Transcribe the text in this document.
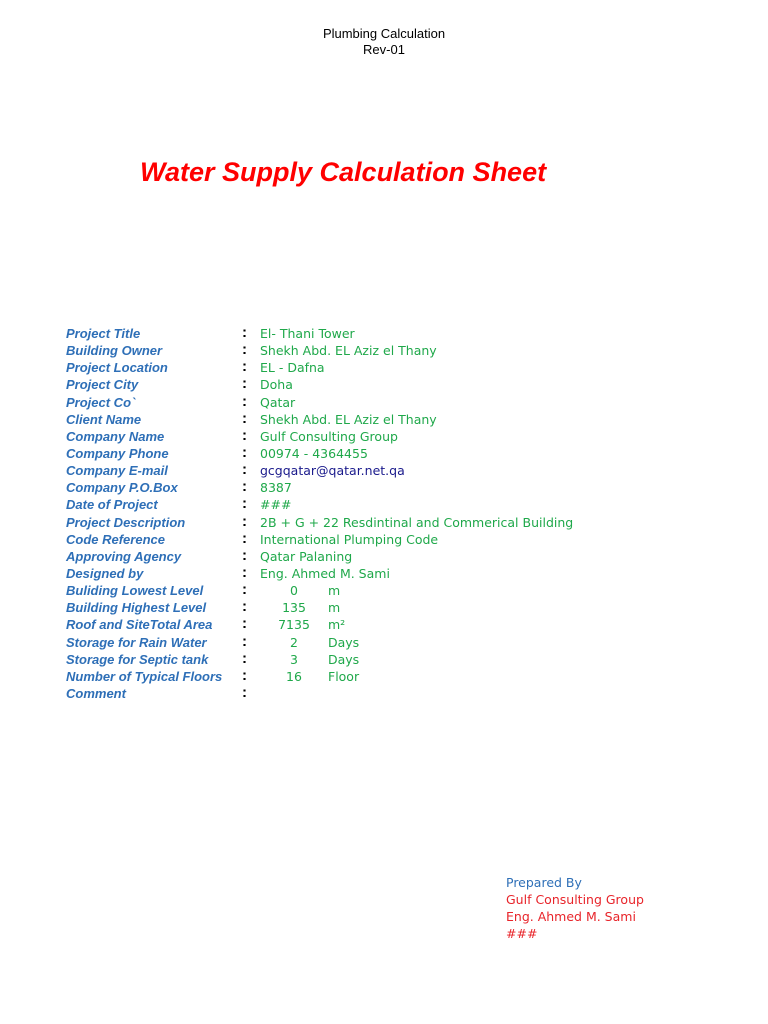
Plumbing Calculation
Rev-01
Water Supply Calculation Sheet
Project Title	: El- Thani Tower
Building Owner	: Shekh Abd. EL Aziz el Thany
Project Location	: EL - Dafna
Project City	: Doha
Project Co`	: Qatar
Client Name	: Shekh Abd. EL Aziz el Thany
Company Name	: Gulf Consulting Group
Company Phone	: 00974 - 4364455
Company E-mail	: gcgqatar@qatar.net.qa
Company P.O.Box	: 8387
Date of Project	: ###
Project Description	: 2B + G + 22 Resdintinal and Commerical Building
Code Reference	: International Plumping Code
Approving Agency	: Qatar Palaning
Designed by	: Eng. Ahmed M. Sami
Buliding Lowest Level	:	0	m
Building Highest Level :	135	m
Roof and SiteTotal Area :	7135	m²
Storage for Rain Water :	2	Days
Storage for Septic tank :	3	Days
Number of Typical Floors :	16	Floor
Comment	:
Prepared By
Gulf Consulting Group
Eng. Ahmed M. Sami
###
